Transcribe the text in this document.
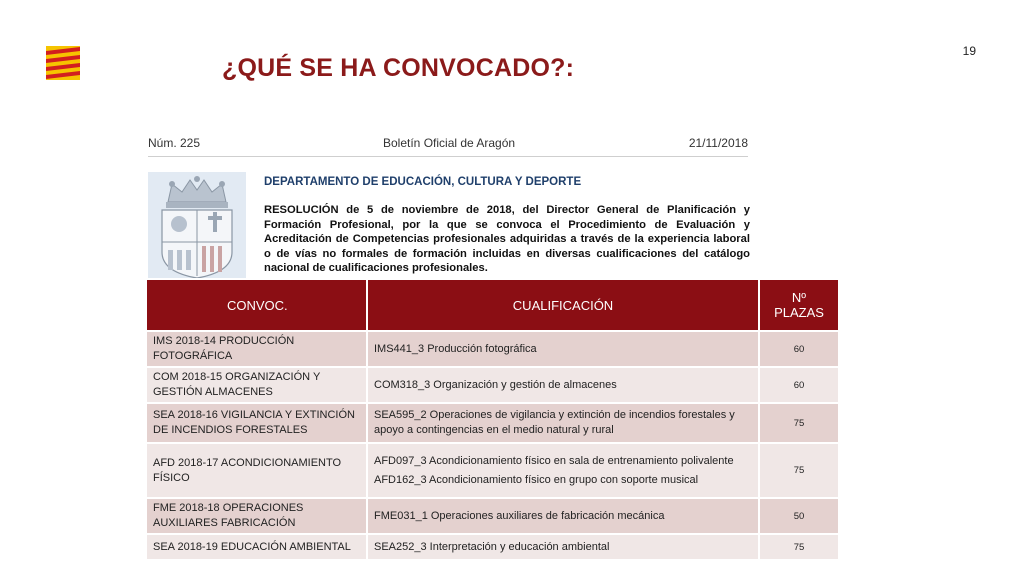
19
¿QUÉ SE HA CONVOCADO?:
Núm. 225	Boletín Oficial de Aragón	21/11/2018
DEPARTAMENTO DE EDUCACIÓN, CULTURA Y DEPORTE
RESOLUCIÓN de 5 de noviembre de 2018, del Director General de Planificación y Formación Profesional, por la que se convoca el Procedimiento de Evaluación y Acreditación de Competencias profesionales adquiridas a través de la experiencia laboral o de vías no formales de formación incluidas en diversas cualificaciones del catálogo nacional de cualificaciones profesionales.
CONVOC.	CUALIFICACIÓN	Nº PLAZAS
IMS 2018-14 PRODUCCIÓN FOTOGRÁFICA	IMS441_3 Producción fotográfica	60
COM 2018-15 ORGANIZACIÓN Y GESTIÓN ALMACENES	COM318_3 Organización y gestión de almacenes	60
SEA 2018-16 VIGILANCIA Y EXTINCIÓN DE INCENDIOS FORESTALES	SEA595_2 Operaciones de vigilancia y extinción de incendios forestales y apoyo a contingencias en el medio natural y rural	75
AFD 2018-17 ACONDICIONAMIENTO FÍSICO	AFD097_3 Acondicionamiento físico en sala de entrenamiento polivalente
AFD162_3 Acondicionamiento físico en grupo con soporte musical	75
FME 2018-18 OPERACIONES AUXILIARES FABRICACIÓN	FME031_1 Operaciones auxiliares de fabricación mecánica	50
SEA 2018-19 EDUCACIÓN AMBIENTAL	SEA252_3 Interpretación y educación ambiental	75
